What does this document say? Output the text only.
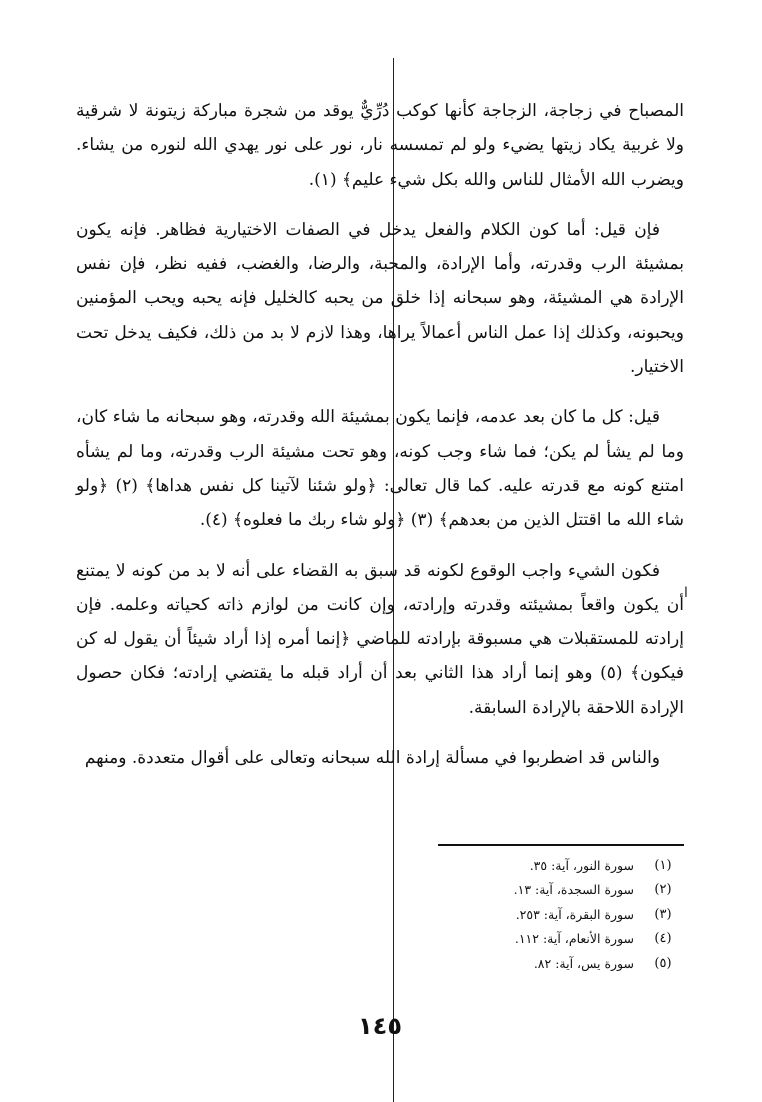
المصباح في زجاجة، الزجاجة كأنها كوكب دُرِّيٌّ يوقد من شجرة مباركة زيتونة لا شرقية ولا غربية يكاد زيتها يضيء ولو لم تمسسه نار، نور على نور يهدي الله لنوره من يشاء. ويضرب الله الأمثال للناس والله بكل شيء عليم﴾ (١).

فإن قيل: أما كون الكلام والفعل يدخل في الصفات الاختيارية فظاهر. فإنه يكون بمشيئة الرب وقدرته، وأما الإرادة، والمحبة، والرضا، والغضب، ففيه نظر، فإن نفس الإرادة هي المشيئة، وهو سبحانه إذا خلق من يحبه كالخليل فإنه يحبه ويحب المؤمنين ويحبونه، وكذلك إذا عمل الناس أعمالاً يراها، وهذا لازم لا بد من ذلك، فكيف يدخل تحت الاختيار.

قيل: كل ما كان بعد عدمه، فإنما يكون بمشيئة الله وقدرته، وهو سبحانه ما شاء كان، وما لم يشأ لم يكن؛ فما شاء وجب كونه، وهو تحت مشيئة الرب وقدرته، وما لم يشأه امتنع كونه مع قدرته عليه. كما قال تعالى: ﴿ولو شئنا لآتينا كل نفس هداها﴾ (٢) ﴿ولو شاء الله ما اقتتل الذين من بعدهم﴾ (٣) ﴿ولو شاء ربك ما فعلوه﴾ (٤).

فكون الشيء واجب الوقوع لكونه قد سبق به القضاء على أنه لا بد من كونه لا يمتنع أن يكون واقعاً بمشيئته وقدرته وإرادته، وإن كانت من لوازم ذاته كحياته وعلمه. فإن إرادته للمستقبلات هي مسبوقة بإرادته للماضي ﴿إنما أمره إذا أراد شيئاً أن يقول له كن فيكون﴾ (٥) وهو إنما أراد هذا الثاني بعد أن أراد قبله ما يقتضي إرادته؛ فكان حصول الإرادة اللاحقة بالإرادة السابقة.

والناس قد اضطربوا في مسألة إرادة الله سبحانه وتعالى على أقوال متعددة. ومنهم

ا
(١)
سورة النور، آية: ٣٥.
(٢)
سورة السجدة، آية: ١٣.
(٣)
سورة البقرة، آية: ٢٥٣.
(٤)
سورة الأنعام، آية: ١١٢.
(٥)
سورة يس، آية: ٨٢.
١٤٥
